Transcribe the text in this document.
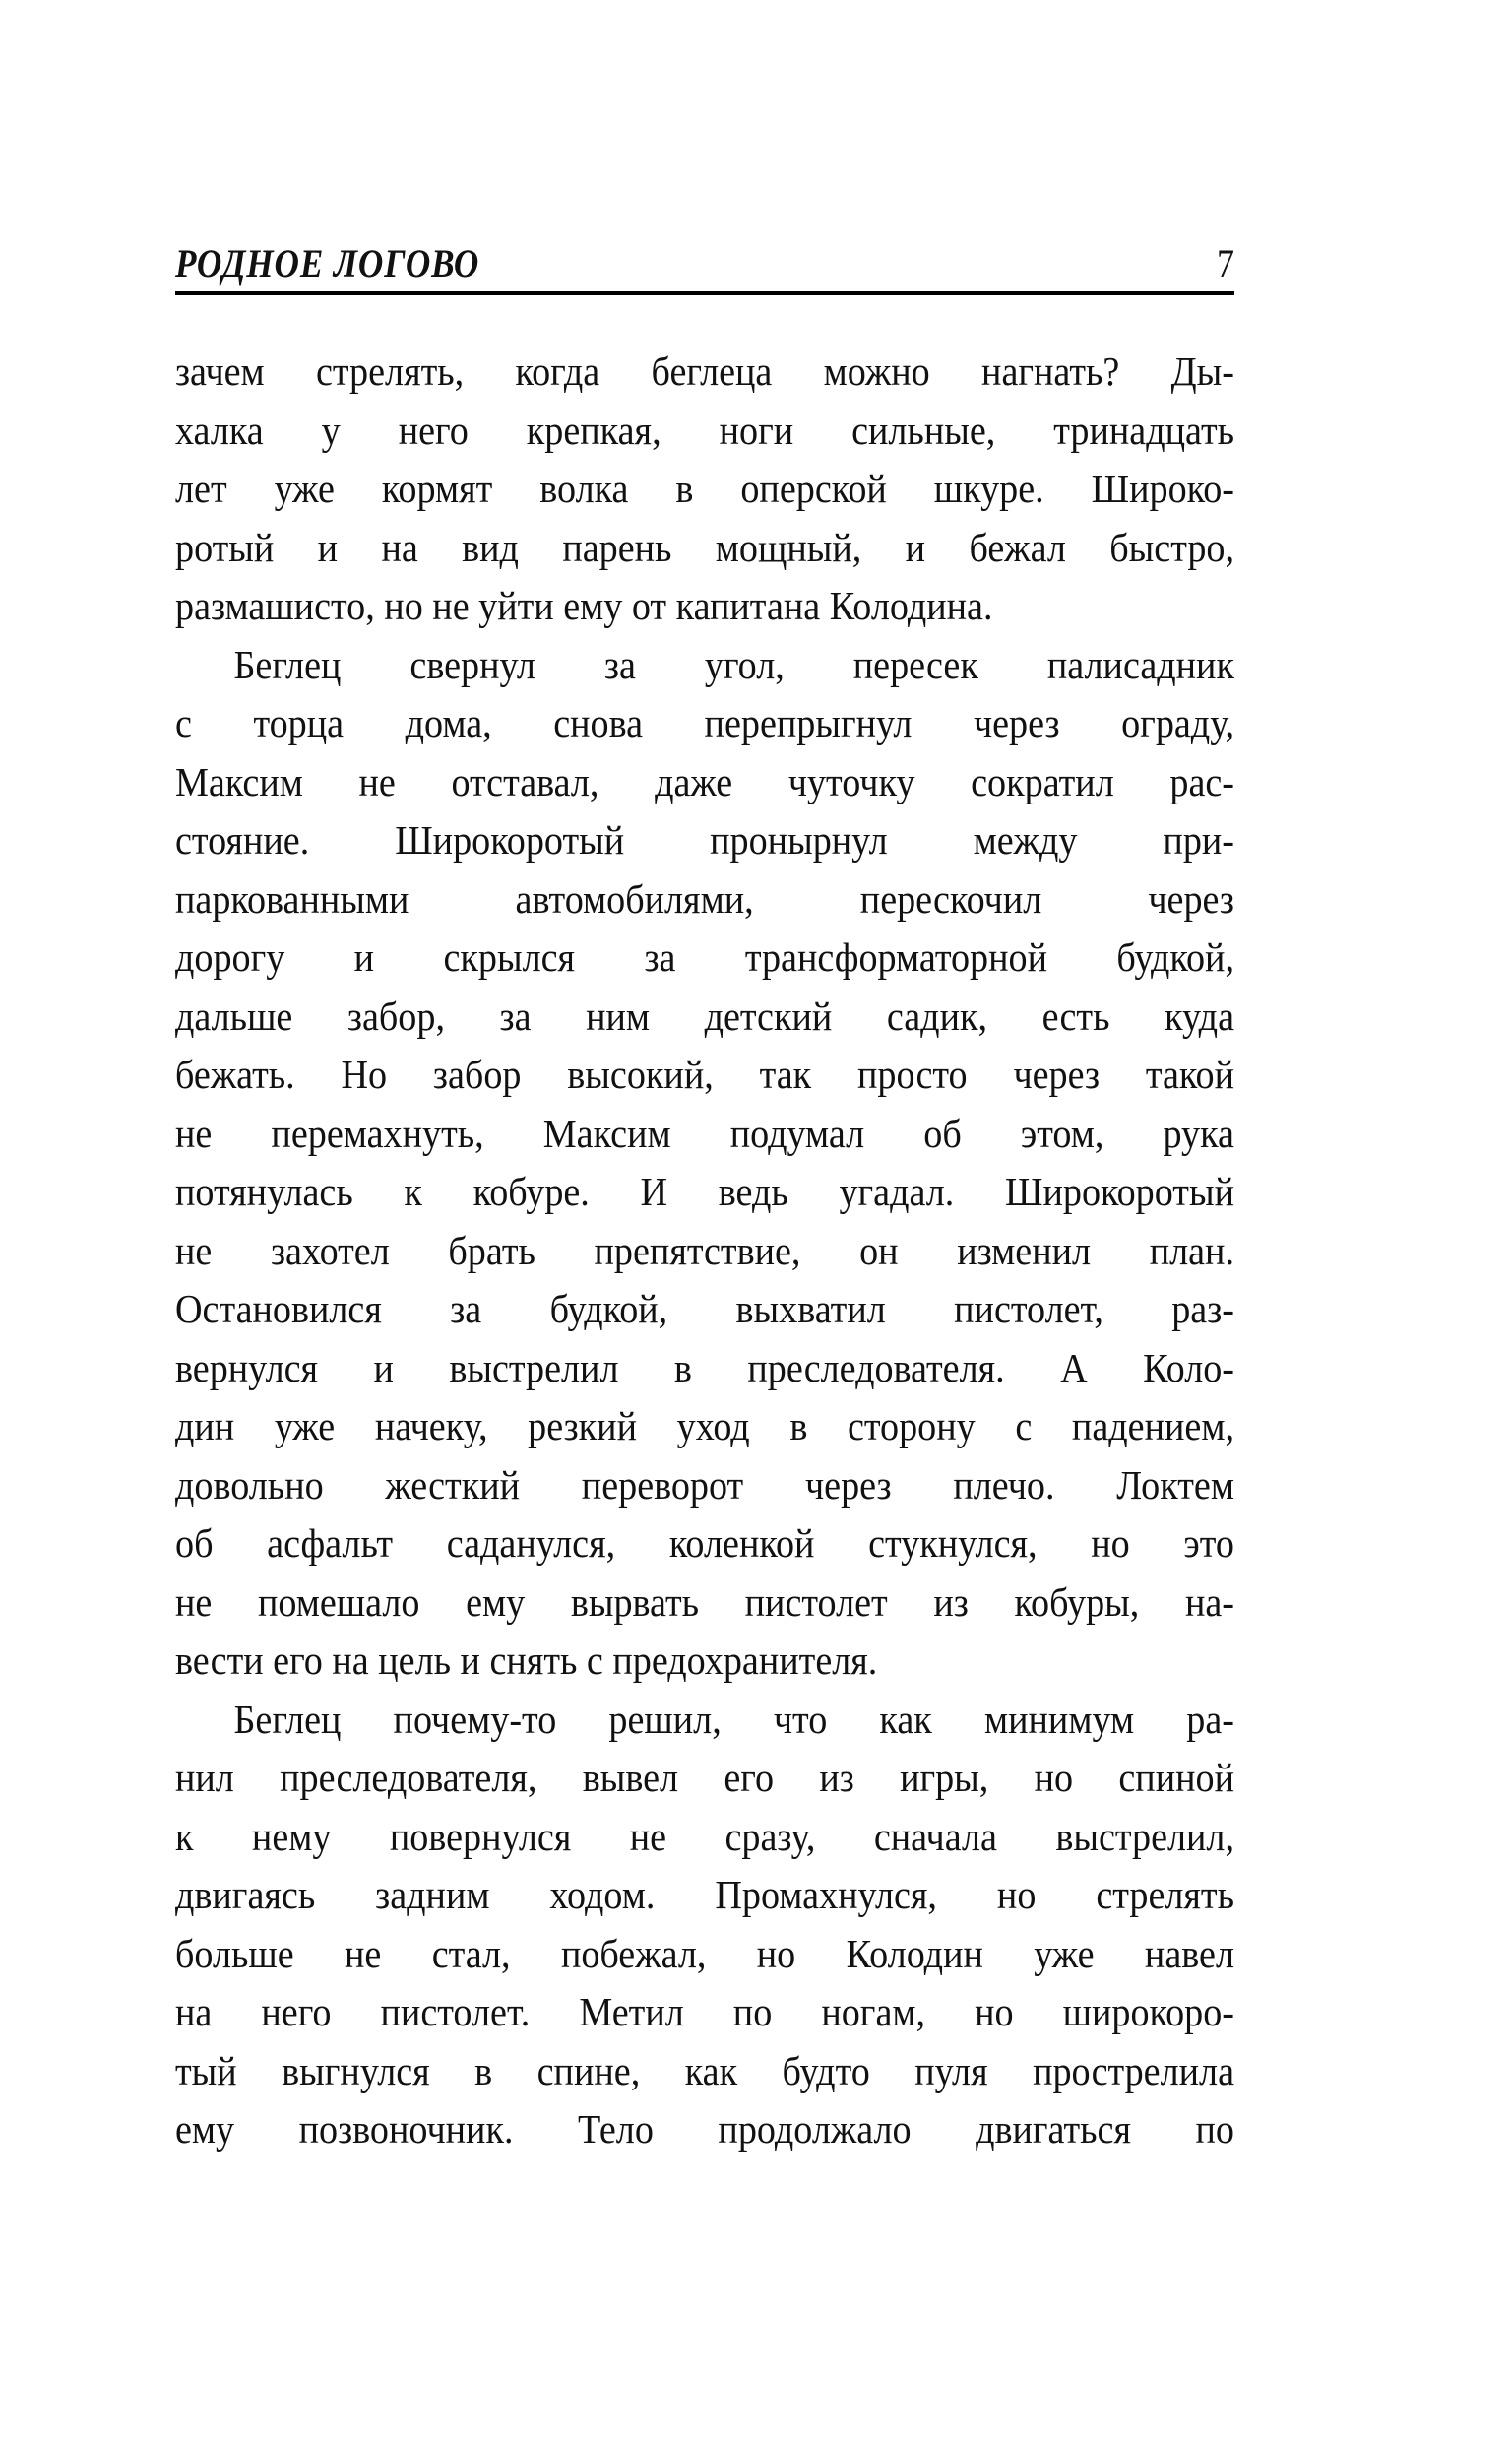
РОДНОЕ ЛОГОВО	7
зачем стрелять, когда беглеца можно нагнать? Ды-
халка у него крепкая, ноги сильные, тринадцать
лет уже кормят волка в оперской шкуре. Широко-
ротый и на вид парень мощный, и бежал быстро,
размашисто, но не уйти ему от капитана Колодина.
Беглец свернул за угол, пересек палисадник
с торца дома, снова перепрыгнул через ограду,
Максим не отставал, даже чуточку сократил рас-
стояние. Широкоротый пронырнул между при-
паркованными автомобилями, перескочил через
дорогу и скрылся за трансформаторной будкой,
дальше забор, за ним детский садик, есть куда
бежать. Но забор высокий, так просто через такой
не перемахнуть, Максим подумал об этом, рука
потянулась к кобуре. И ведь угадал. Широкоротый
не захотел брать препятствие, он изменил план.
Остановился за будкой, выхватил пистолет, раз-
вернулся и выстрелил в преследователя. А Коло-
дин уже начеку, резкий уход в сторону с падением,
довольно жесткий переворот через плечо. Локтем
об асфальт саданулся, коленкой стукнулся, но это
не помешало ему вырвать пистолет из кобуры, на-
вести его на цель и снять с предохранителя.
Беглец почему-то решил, что как минимум ра-
нил преследователя, вывел его из игры, но спиной
к нему повернулся не сразу, сначала выстрелил,
двигаясь задним ходом. Промахнулся, но стрелять
больше не стал, побежал, но Колодин уже навел
на него пистолет. Метил по ногам, но широкоро-
тый выгнулся в спине, как будто пуля прострелила
ему позвоночник. Тело продолжало двигаться по
